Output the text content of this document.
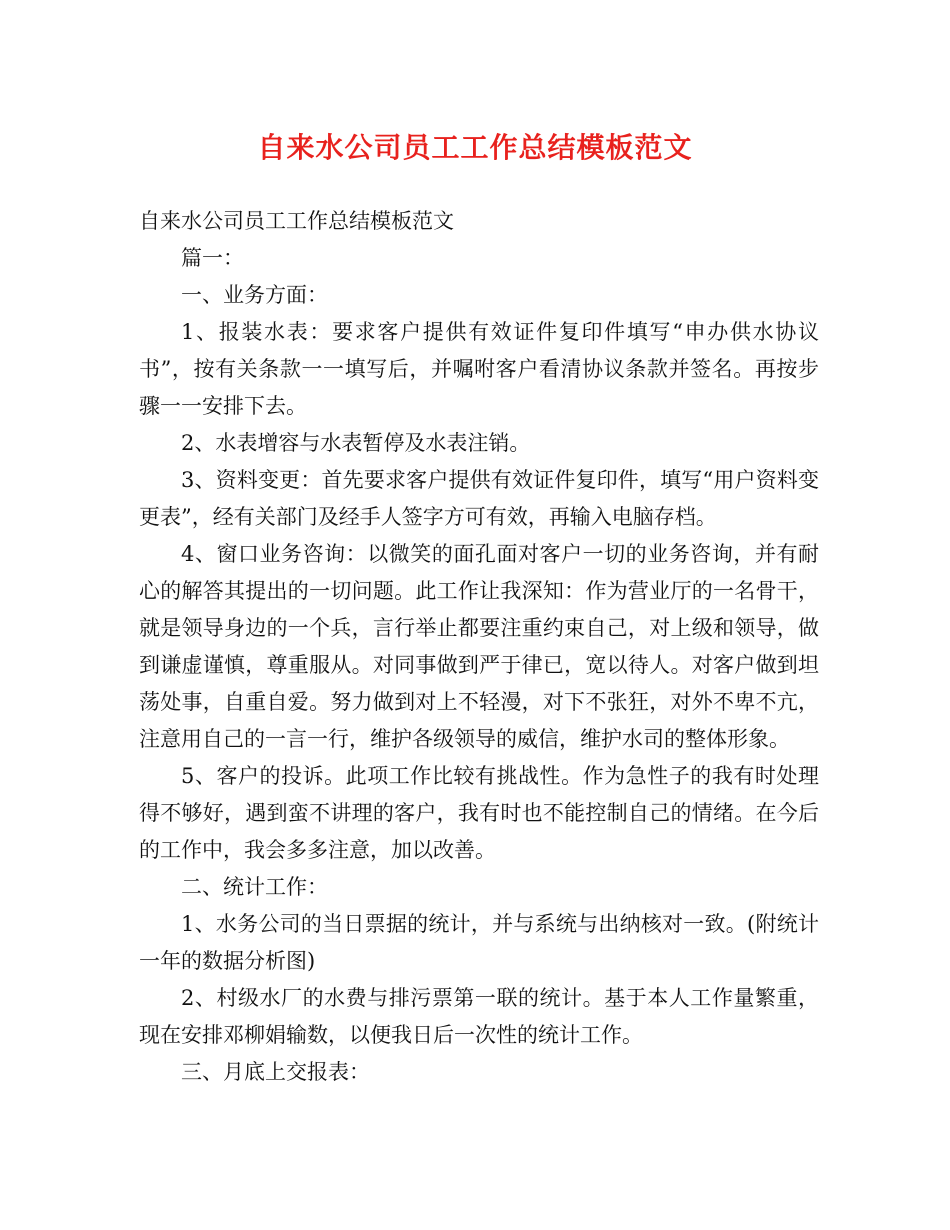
自来水公司员工工作总结模板范文

自来水公司员工工作总结模板范文

篇一：

一、业务方面：

1、报装水表：要求客户提供有效证件复印件填写“申办供水协议书”，按有关条款一一填写后，并嘱咐客户看清协议条款并签名。再按步骤一一安排下去。

2、水表增容与水表暂停及水表注销。

3、资料变更：首先要求客户提供有效证件复印件，填写“用户资料变更表”，经有关部门及经手人签字方可有效，再输入电脑存档。

4、窗口业务咨询：以微笑的面孔面对客户一切的业务咨询，并有耐心的解答其提出的一切问题。此工作让我深知：作为营业厅的一名骨干，就是领导身边的一个兵，言行举止都要注重约束自己，对上级和领导，做到谦虚谨慎，尊重服从。对同事做到严于律已，宽以待人。对客户做到坦荡处事，自重自爱。努力做到对上不轻漫，对下不张狂，对外不卑不亢，注意用自己的一言一行，维护各级领导的威信，维护水司的整体形象。

5、客户的投诉。此项工作比较有挑战性。作为急性子的我有时处理得不够好，遇到蛮不讲理的客户，我有时也不能控制自己的情绪。在今后的工作中，我会多多注意，加以改善。

二、统计工作：

1、水务公司的当日票据的统计，并与系统与出纳核对一致。(附统计一年的数据分析图)

2、村级水厂的水费与排污票第一联的统计。基于本人工作量繁重，现在安排邓柳娟输数，以便我日后一次性的统计工作。

三、月底上交报表：
